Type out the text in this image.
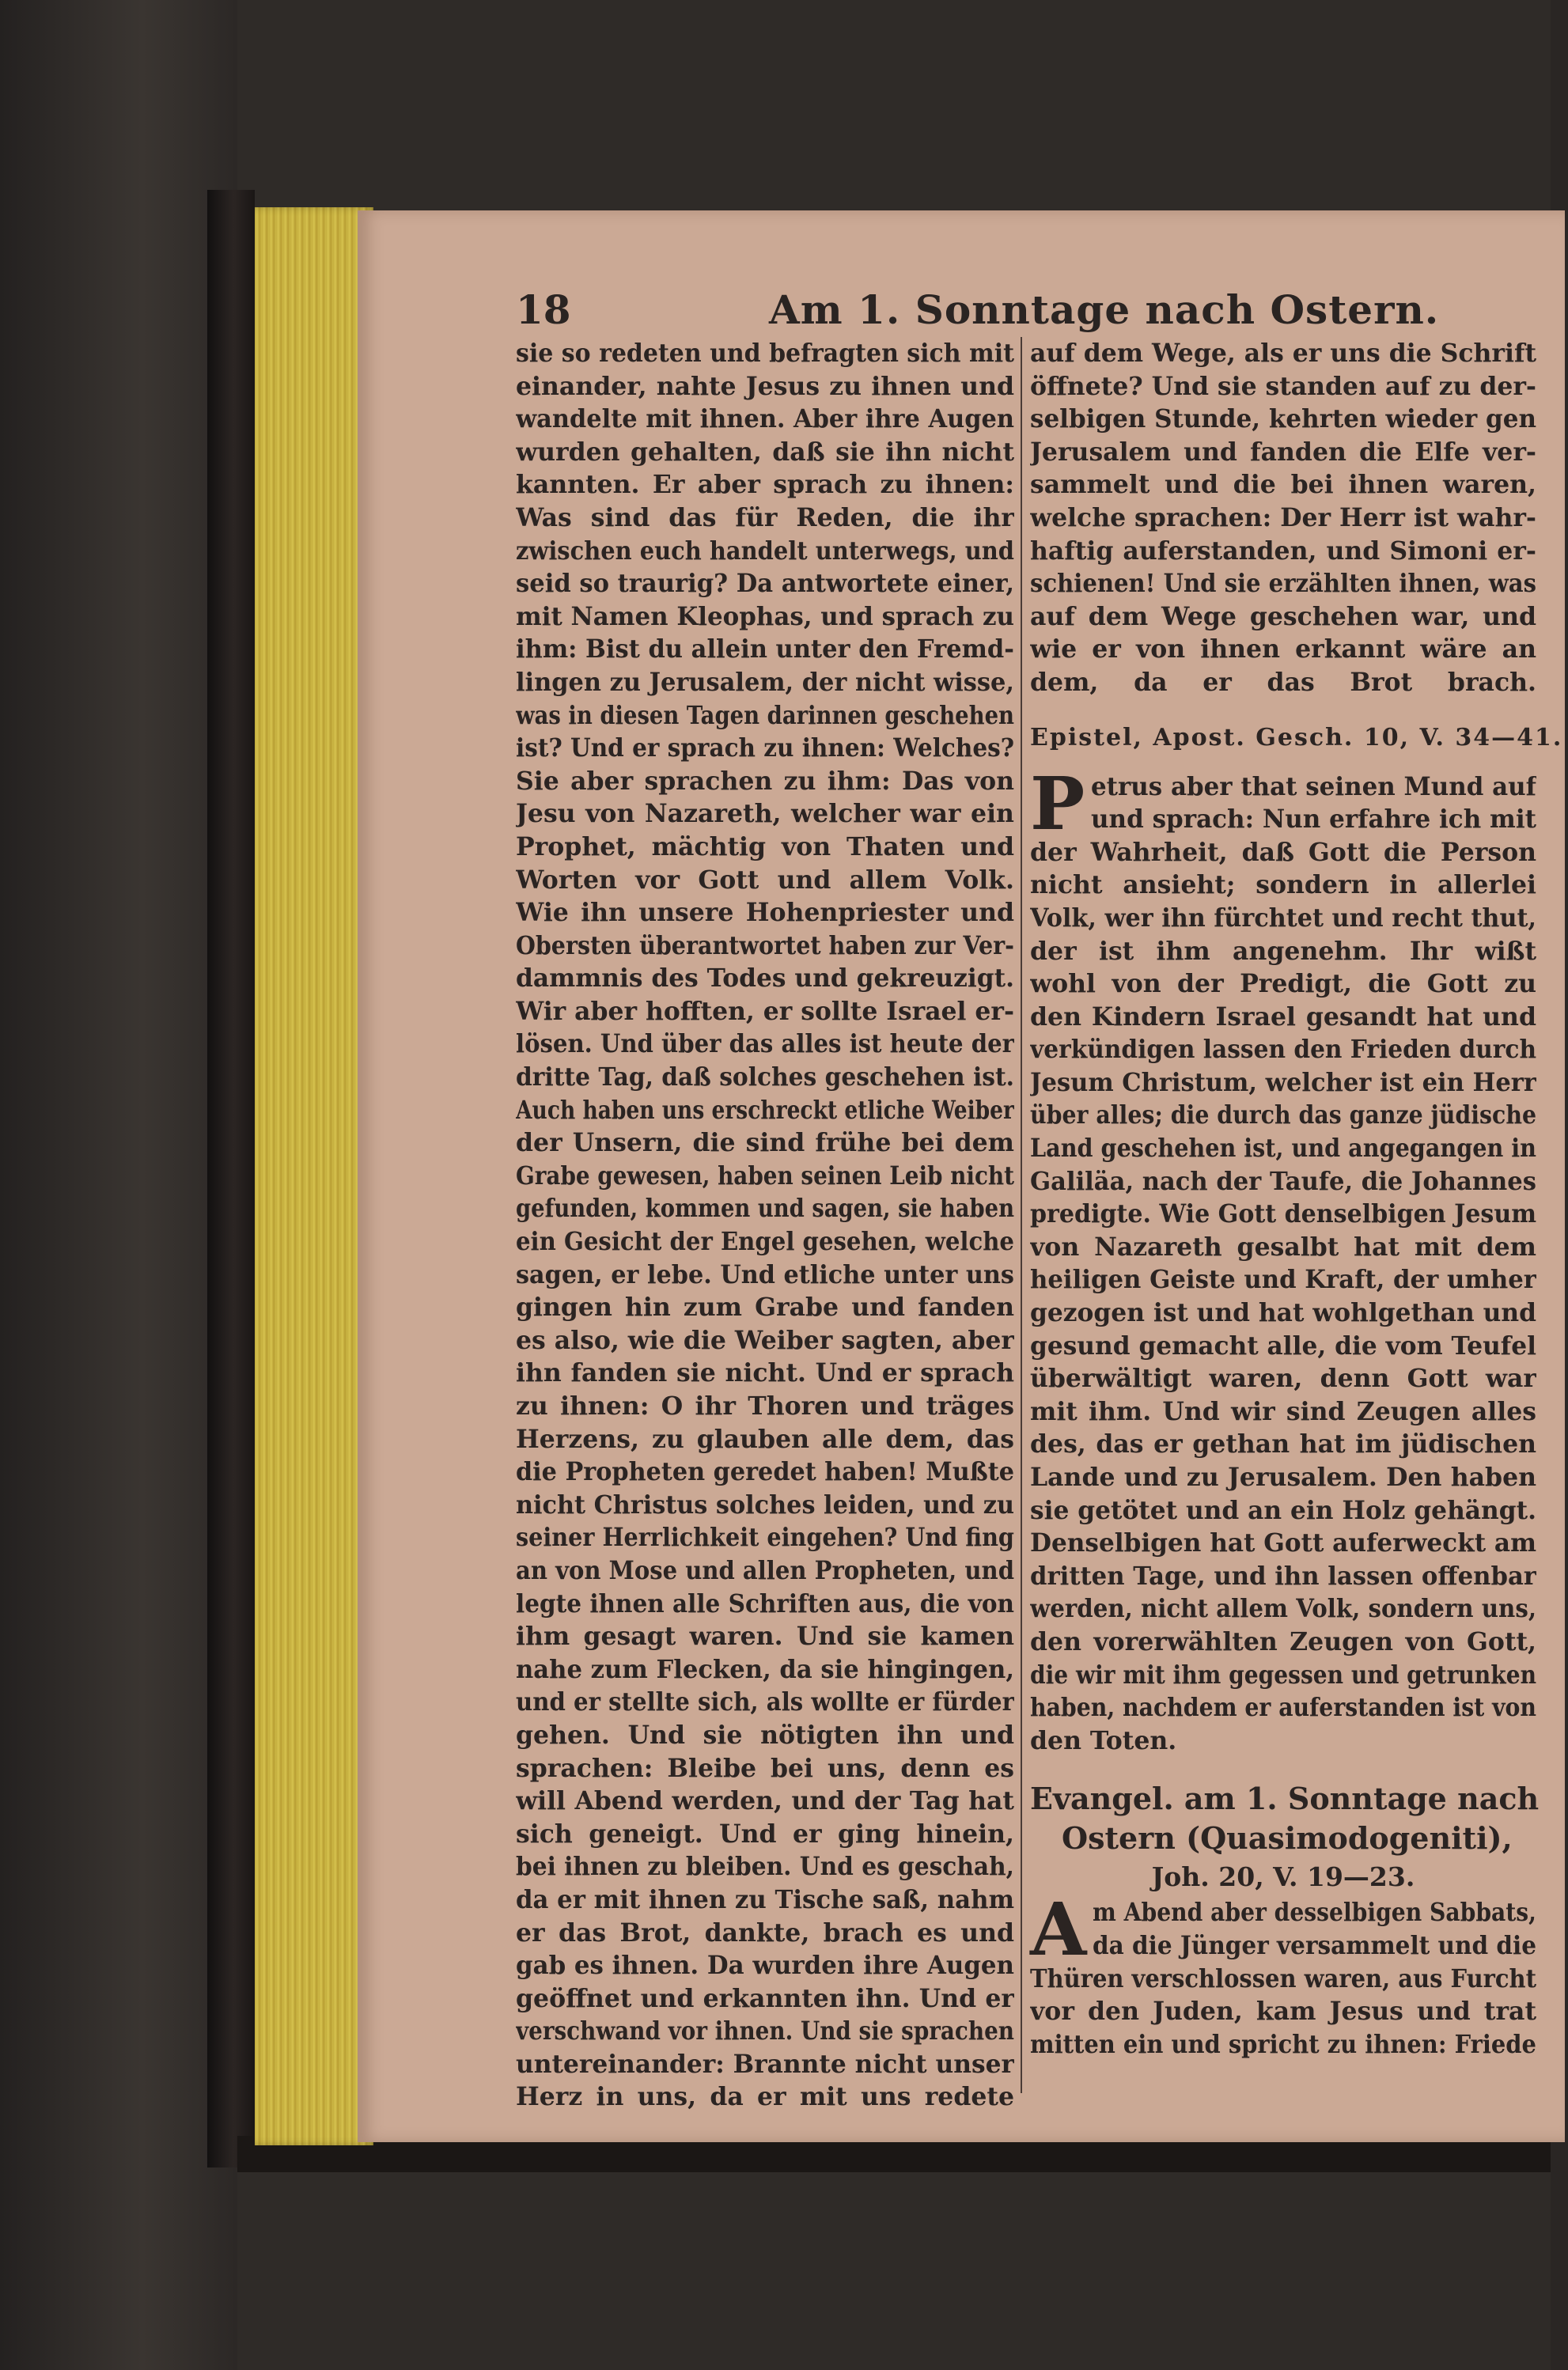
18	Am 1. Sonntage nach Ostern.
sie so redeten und befragten sich mit
einander, nahte Jesus zu ihnen und
wandelte mit ihnen. Aber ihre Augen
wurden gehalten, daß sie ihn nicht
kannten. Er aber sprach zu ihnen:
Was sind das für Reden, die ihr
zwischen euch handelt unterwegs, und
seid so traurig? Da antwortete einer,
mit Namen Kleophas, und sprach zu
ihm: Bist du allein unter den Fremd-
lingen zu Jerusalem, der nicht wisse,
was in diesen Tagen darinnen geschehen
ist? Und er sprach zu ihnen: Welches?
Sie aber sprachen zu ihm: Das von
Jesu von Nazareth, welcher war ein
Prophet, mächtig von Thaten und
Worten vor Gott und allem Volk.
Wie ihn unsere Hohenpriester und
Obersten überantwortet haben zur Ver-
dammnis des Todes und gekreuzigt.
Wir aber hofften, er sollte Israel er-
lösen. Und über das alles ist heute der
dritte Tag, daß solches geschehen ist.
Auch haben uns erschreckt etliche Weiber
der Unsern, die sind frühe bei dem
Grabe gewesen, haben seinen Leib nicht
gefunden, kommen und sagen, sie haben
ein Gesicht der Engel gesehen, welche
sagen, er lebe. Und etliche unter uns
gingen hin zum Grabe und fanden
es also, wie die Weiber sagten, aber
ihn fanden sie nicht. Und er sprach
zu ihnen: O ihr Thoren und träges
Herzens, zu glauben alle dem, das
die Propheten geredet haben! Mußte
nicht Christus solches leiden, und zu
seiner Herrlichkeit eingehen? Und fing
an von Mose und allen Propheten, und
legte ihnen alle Schriften aus, die von
ihm gesagt waren. Und sie kamen
nahe zum Flecken, da sie hingingen,
und er stellte sich, als wollte er fürder
gehen. Und sie nötigten ihn und
sprachen: Bleibe bei uns, denn es
will Abend werden, und der Tag hat
sich geneigt. Und er ging hinein,
bei ihnen zu bleiben. Und es geschah,
da er mit ihnen zu Tische saß, nahm
er das Brot, dankte, brach es und
gab es ihnen. Da wurden ihre Augen
geöffnet und erkannten ihn. Und er
verschwand vor ihnen. Und sie sprachen
untereinander: Brannte nicht unser
Herz in uns, da er mit uns redete
auf dem Wege, als er uns die Schrift
öffnete? Und sie standen auf zu der-
selbigen Stunde, kehrten wieder gen
Jerusalem und fanden die Elfe ver-
sammelt und die bei ihnen waren,
welche sprachen: Der Herr ist wahr-
haftig auferstanden, und Simoni er-
schienen! Und sie erzählten ihnen, was
auf dem Wege geschehen war, und
wie er von ihnen erkannt wäre an
dem, da er das Brot brach.
Epistel, Apost. Gesch. 10, V. 34—41.
P etrus aber that seinen Mund auf
und sprach: Nun erfahre ich mit
der Wahrheit, daß Gott die Person
nicht ansieht; sondern in allerlei
Volk, wer ihn fürchtet und recht thut,
der ist ihm angenehm. Ihr wißt
wohl von der Predigt, die Gott zu
den Kindern Israel gesandt hat und
verkündigen lassen den Frieden durch
Jesum Christum, welcher ist ein Herr
über alles; die durch das ganze jüdische
Land geschehen ist, und angegangen in
Galiläa, nach der Taufe, die Johannes
predigte. Wie Gott denselbigen Jesum
von Nazareth gesalbt hat mit dem
heiligen Geiste und Kraft, der umher
gezogen ist und hat wohlgethan und
gesund gemacht alle, die vom Teufel
überwältigt waren, denn Gott war
mit ihm. Und wir sind Zeugen alles
des, das er gethan hat im jüdischen
Lande und zu Jerusalem. Den haben
sie getötet und an ein Holz gehängt.
Denselbigen hat Gott auferweckt am
dritten Tage, und ihn lassen offenbar
werden, nicht allem Volk, sondern uns,
den vorerwählten Zeugen von Gott,
die wir mit ihm gegessen und getrunken
haben, nachdem er auferstanden ist von
den Toten.
Evangel. am 1. Sonntage nach
Ostern (Quasimodogeniti),
Joh. 20, V. 19—23.
A m Abend aber desselbigen Sabbats,
da die Jünger versammelt und die
Thüren verschlossen waren, aus Furcht
vor den Juden, kam Jesus und trat
mitten ein und spricht zu ihnen: Friede
